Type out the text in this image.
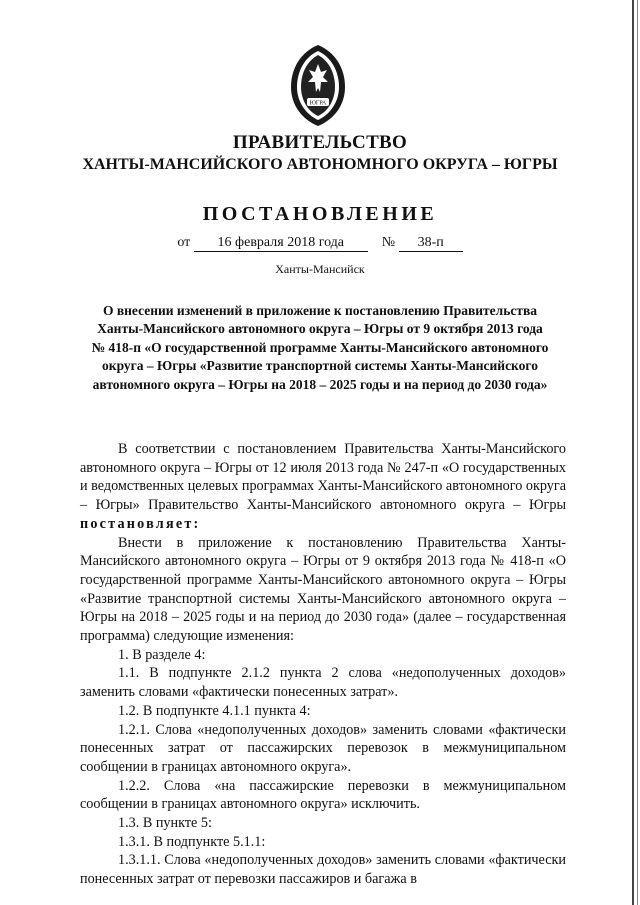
ЮГРА
ПРАВИТЕЛЬСТВО
ХАНТЫ-МАНСИЙСКОГО АВТОНОМНОГО ОКРУГА – ЮГРЫ
ПОСТАНОВЛЕНИЕ
от 16 февраля 2018 года	№ 38-п
Ханты-Мансийск
О внесении изменений в приложение к постановлению Правительства Ханты-Мансийского автономного округа – Югры от 9 октября 2013 года № 418-п «О государственной программе Ханты-Мансийского автономного округа – Югры «Развитие транспортной системы Ханты-Мансийского автономного округа – Югры на 2018 – 2025 годы и на период до 2030 года»

В соответствии с постановлением Правительства Ханты-Мансийского автономного округа – Югры от 12 июля 2013 года № 247-п «О государственных и ведомственных целевых программах Ханты-Мансийского автономного округа – Югры» Правительство Ханты-Мансийского автономного округа – Югры постановляет:

Внести в приложение к постановлению Правительства Ханты-Мансийского автономного округа – Югры от 9 октября 2013 года № 418-п «О государственной программе Ханты-Мансийского автономного округа – Югры «Развитие транспортной системы Ханты-Мансийского автономного округа – Югры на 2018 – 2025 годы и на период до 2030 года» (далее – государственная программа) следующие изменения:

1. В разделе 4:

1.1. В подпункте 2.1.2 пункта 2 слова «недополученных доходов» заменить словами «фактически понесенных затрат».

1.2. В подпункте 4.1.1 пункта 4:

1.2.1. Слова «недополученных доходов» заменить словами «фактически понесенных затрат от пассажирских перевозок в межмуниципальном сообщении в границах автономного округа».

1.2.2. Слова «на пассажирские перевозки в межмуниципальном сообщении в границах автономного округа» исключить.

1.3. В пункте 5:

1.3.1. В подпункте 5.1.1:

1.3.1.1. Слова «недополученных доходов» заменить словами «фактически понесенных затрат от перевозки пассажиров и багажа в
